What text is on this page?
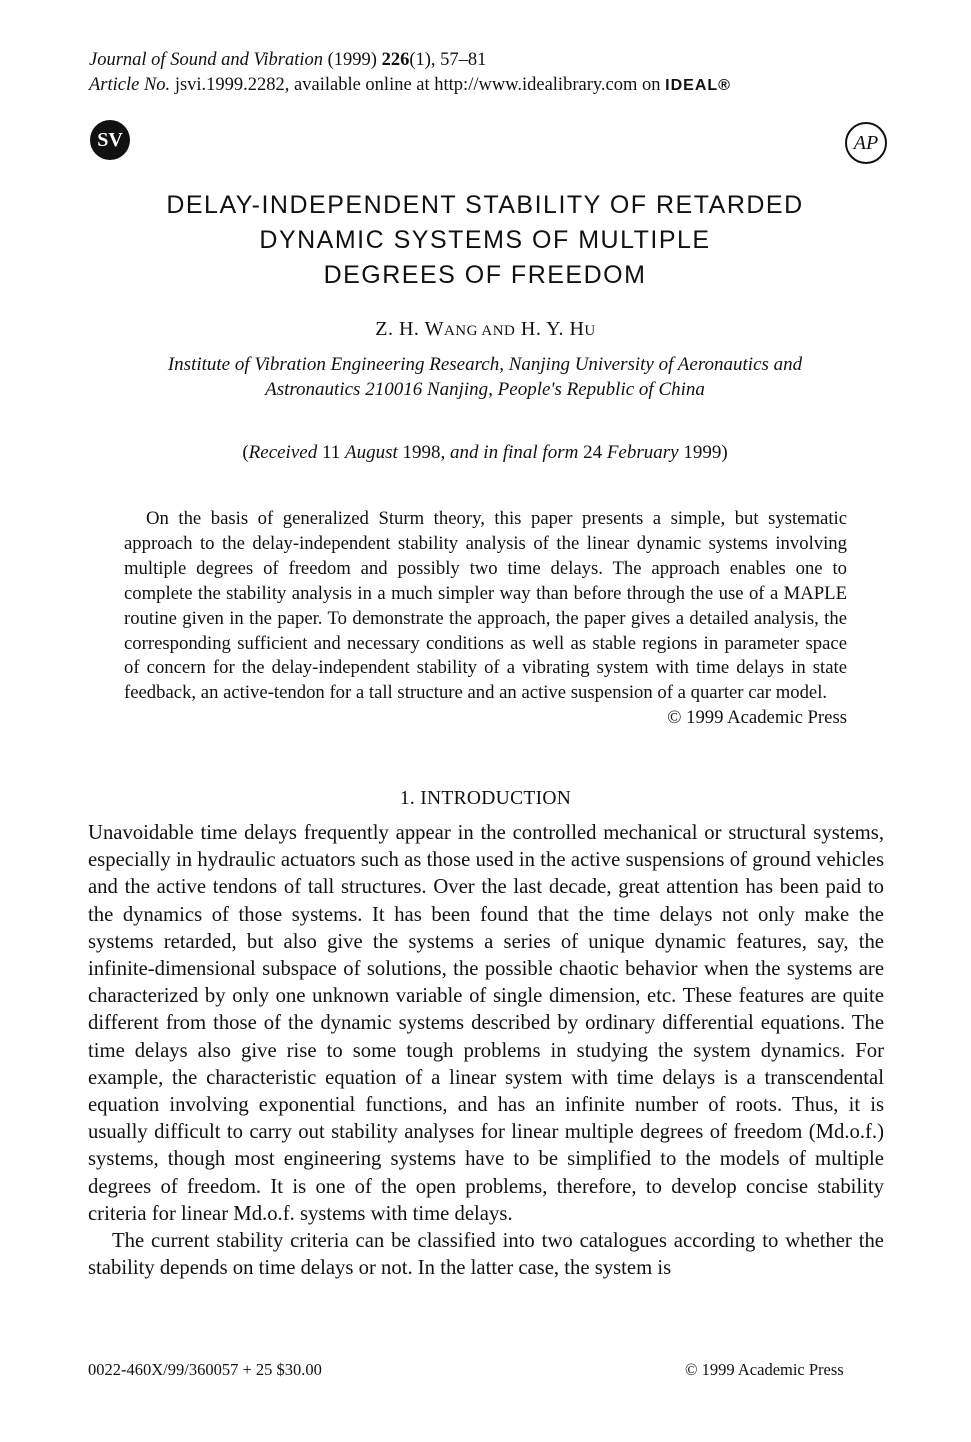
Journal of Sound and Vibration (1999) 226(1), 57–81
Article No. jsvi.1999.2282, available online at http://www.idealibrary.com on IDEAL®
SV	AP
DELAY-INDEPENDENT STABILITY OF RETARDED
DYNAMIC SYSTEMS OF MULTIPLE
DEGREES OF FREEDOM
Z. H. WANG AND H. Y. HU
Institute of Vibration Engineering Research, Nanjing University of Aeronautics and
Astronautics 210016 Nanjing, People's Republic of China
(Received 11 August 1998, and in final form 24 February 1999)
On the basis of generalized Sturm theory, this paper presents a simple, but systematic approach to the delay-independent stability analysis of the linear dynamic systems involving multiple degrees of freedom and possibly two time delays. The approach enables one to complete the stability analysis in a much simpler way than before through the use of a MAPLE routine given in the paper. To demonstrate the approach, the paper gives a detailed analysis, the corresponding sufficient and necessary conditions as well as stable regions in parameter space of concern for the delay-independent stability of a vibrating system with time delays in state feedback, an active-tendon for a tall structure and an active suspension of a quarter car model.
© 1999 Academic Press
1. INTRODUCTION

Unavoidable time delays frequently appear in the controlled mechanical or structural systems, especially in hydraulic actuators such as those used in the active suspensions of ground vehicles and the active tendons of tall structures. Over the last decade, great attention has been paid to the dynamics of those systems. It has been found that the time delays not only make the systems retarded, but also give the systems a series of unique dynamic features, say, the infinite-dimensional subspace of solutions, the possible chaotic behavior when the systems are characterized by only one unknown variable of single dimension, etc. These features are quite different from those of the dynamic systems described by ordinary differential equations. The time delays also give rise to some tough problems in studying the system dynamics. For example, the characteristic equation of a linear system with time delays is a transcendental equation involving exponential functions, and has an infinite number of roots. Thus, it is usually difficult to carry out stability analyses for linear multiple degrees of freedom (Md.o.f.) systems, though most engineering systems have to be simplified to the models of multiple degrees of freedom. It is one of the open problems, therefore, to develop concise stability criteria for linear Md.o.f. systems with time delays.

The current stability criteria can be classified into two catalogues according to whether the stability depends on time delays or not. In the latter case, the system is

0022-460X/99/360057 + 25 $30.00	© 1999 Academic Press
